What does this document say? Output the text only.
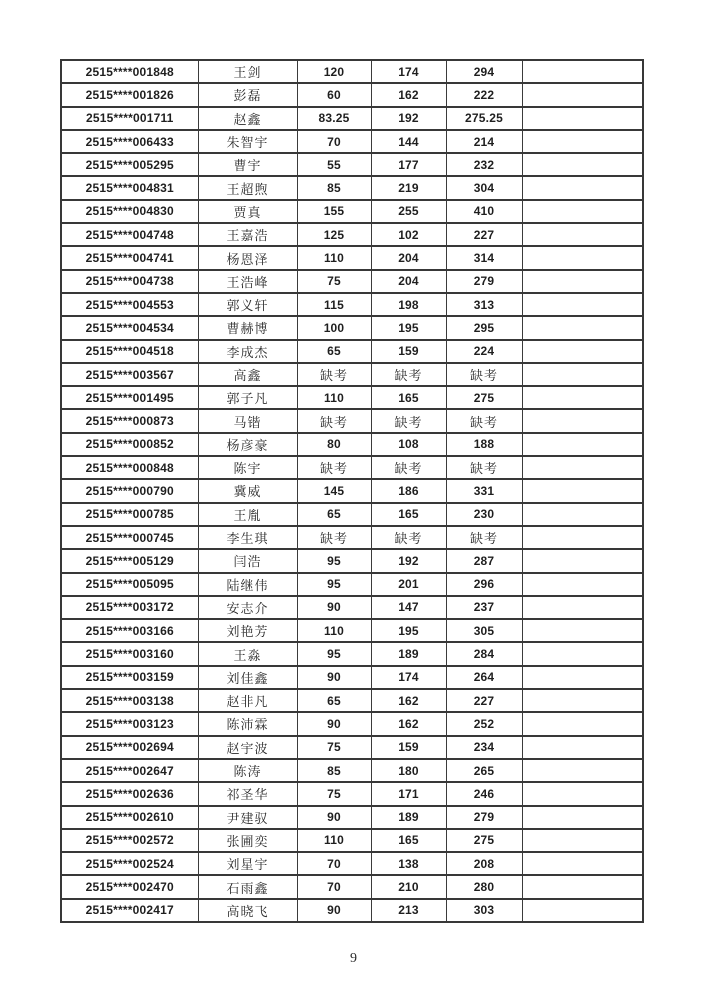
2515****001848	王剑	120	174	294	
2515****001826	彭磊	60	162	222	
2515****001711	赵鑫	83.25	192	275.25	
2515****006433	朱智宇	70	144	214	
2515****005295	曹宇	55	177	232	
2515****004831	王超煦	85	219	304	
2515****004830	贾真	155	255	410	
2515****004748	王嘉浩	125	102	227	
2515****004741	杨恩泽	110	204	314	
2515****004738	王浩峰	75	204	279	
2515****004553	郭义轩	115	198	313	
2515****004534	曹赫博	100	195	295	
2515****004518	李成杰	65	159	224	
2515****003567	高鑫	缺考	缺考	缺考	
2515****001495	郭子凡	110	165	275	
2515****000873	马锴	缺考	缺考	缺考	
2515****000852	杨彦豪	80	108	188	
2515****000848	陈宇	缺考	缺考	缺考	
2515****000790	冀威	145	186	331	
2515****000785	王胤	65	165	230	
2515****000745	李生琪	缺考	缺考	缺考	
2515****005129	闫浩	95	192	287	
2515****005095	陆继伟	95	201	296	
2515****003172	安志介	90	147	237	
2515****003166	刘艳芳	110	195	305	
2515****003160	王淼	95	189	284	
2515****003159	刘佳鑫	90	174	264	
2515****003138	赵非凡	65	162	227	
2515****003123	陈沛霖	90	162	252	
2515****002694	赵宇波	75	159	234	
2515****002647	陈涛	85	180	265	
2515****002636	祁圣华	75	171	246	
2515****002610	尹建驭	90	189	279	
2515****002572	张圃奕	110	165	275	
2515****002524	刘星宇	70	138	208	
2515****002470	石雨鑫	70	210	280	
2515****002417	高晓飞	90	213	303	
9
